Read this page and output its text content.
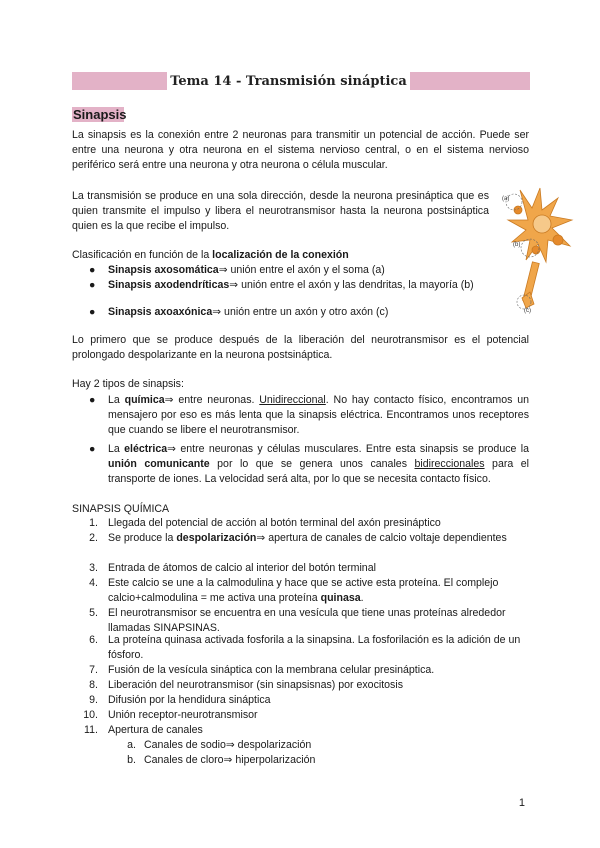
Tema 14 - Transmisión sináptica
Sinapsis
La sinapsis es la conexión entre 2 neuronas para transmitir un potencial de acción. Puede ser entre una neurona y otra neurona en el sistema nervioso central, o en el sistema nervioso periférico será entre una neurona y otra neurona o célula muscular.
La transmisión se produce en una sola dirección, desde la neurona presináptica que es quien transmite el impulso y libera el neurotransmisor hasta la neurona postsináptica quien es la que recibe el impulso.
Clasificación en función de la localización de la conexión
● Sinapsis axosomática⇒ unión entre el axón y el soma (a)
● Sinapsis axodendríticas⇒ unión entre el axón y las dendritas, la mayoría (b)
● Sinapsis axoaxónica⇒ unión entre un axón y otro axón (c)
(a)
(b)
(c)
Lo primero que se produce después de la liberación del neurotransmisor es el potencial prolongado despolarizante en la neurona postsináptica.
Hay 2 tipos de sinapsis:
● La química⇒ entre neuronas. Unidireccional. No hay contacto físico, encontramos un mensajero por eso es más lenta que la sinapsis eléctrica. Encontramos unos receptores que cuando se libere el neurotransmisor.
● La eléctrica⇒ entre neuronas y células musculares. Entre esta sinapsis se produce la unión comunicante por lo que se genera unos canales bidireccionales para el transporte de iones. La velocidad será alta, por lo que se necesita contacto físico.
SINAPSIS QUÍMICA
1. Llegada del potencial de acción al botón terminal del axón presináptico
2. Se produce la despolarización⇒ apertura de canales de calcio voltaje dependientes
3. Entrada de átomos de calcio al interior del botón terminal
4. Este calcio se une a la calmodulina y hace que se active esta proteína. El complejo calcio+calmodulina = me activa una proteína quinasa.
5. El neurotransmisor se encuentra en una vesícula que tiene unas proteínas alrededor llamadas SINAPSINAS.
6. La proteína quinasa activada fosforila a la sinapsina. La fosforilación es la adición de un fósforo.
7. Fusión de la vesícula sináptica con la membrana celular presináptica.
8. Liberación del neurotransmisor (sin sinapsisnas) por exocitosis
9. Difusión por la hendidura sináptica
10. Unión receptor-neurotransmisor
11. Apertura de canales
a. Canales de sodio⇒ despolarización
b. Canales de cloro⇒ hiperpolarización
1
